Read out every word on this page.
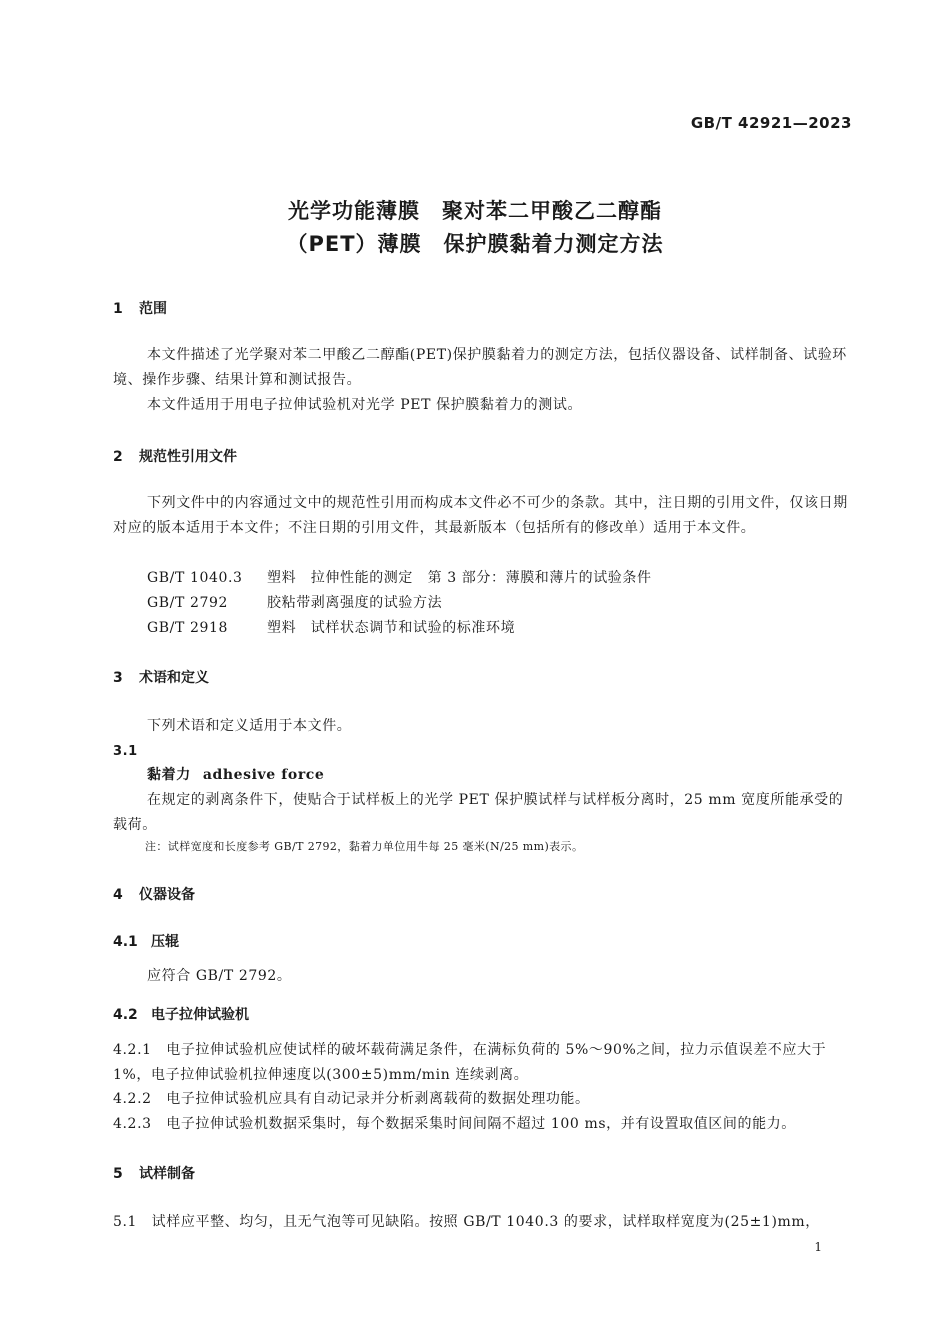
GB/T 42921—2023
光学功能薄膜　聚对苯二甲酸乙二醇酯
（PET）薄膜　保护膜黏着力测定方法
1 范围
本文件描述了光学聚对苯二甲酸乙二醇酯(PET)保护膜黏着力的测定方法，包括仪器设备、试样制备、试验环境、操作步骤、结果计算和测试报告。
本文件适用于用电子拉伸试验机对光学 PET 保护膜黏着力的测试。
2 规范性引用文件
下列文件中的内容通过文中的规范性引用而构成本文件必不可少的条款。其中，注日期的引用文件，仅该日期对应的版本适用于本文件；不注日期的引用文件，其最新版本（包括所有的修改单）适用于本文件。
GB/T 1040.3 塑料　拉伸性能的测定　第 3 部分：薄膜和薄片的试验条件
GB/T 2792	胶粘带剥离强度的试验方法
GB/T 2918	塑料　试样状态调节和试验的标准环境
3 术语和定义
下列术语和定义适用于本文件。
3.1
黏着力 adhesive force
在规定的剥离条件下，使贴合于试样板上的光学 PET 保护膜试样与试样板分离时，25 mm 宽度所能承受的载荷。
注：试样宽度和长度参考 GB/T 2792，黏着力单位用牛每 25 毫米(N/25 mm)表示。
4 仪器设备
4.1 压辊
应符合 GB/T 2792。
4.2 电子拉伸试验机
4.2.1　电子拉伸试验机应使试样的破坏载荷满足条件，在满标负荷的 5%～90%之间，拉力示值误差不应大于 1%，电子拉伸试验机拉伸速度以(300±5)mm/min 连续剥离。
4.2.2　电子拉伸试验机应具有自动记录并分析剥离载荷的数据处理功能。
4.2.3　电子拉伸试验机数据采集时，每个数据采集时间间隔不超过 100 ms，并有设置取值区间的能力。
5 试样制备
5.1　试样应平整、均匀，且无气泡等可见缺陷。按照 GB/T 1040.3 的要求，试样取样宽度为(25±1)mm，
1
